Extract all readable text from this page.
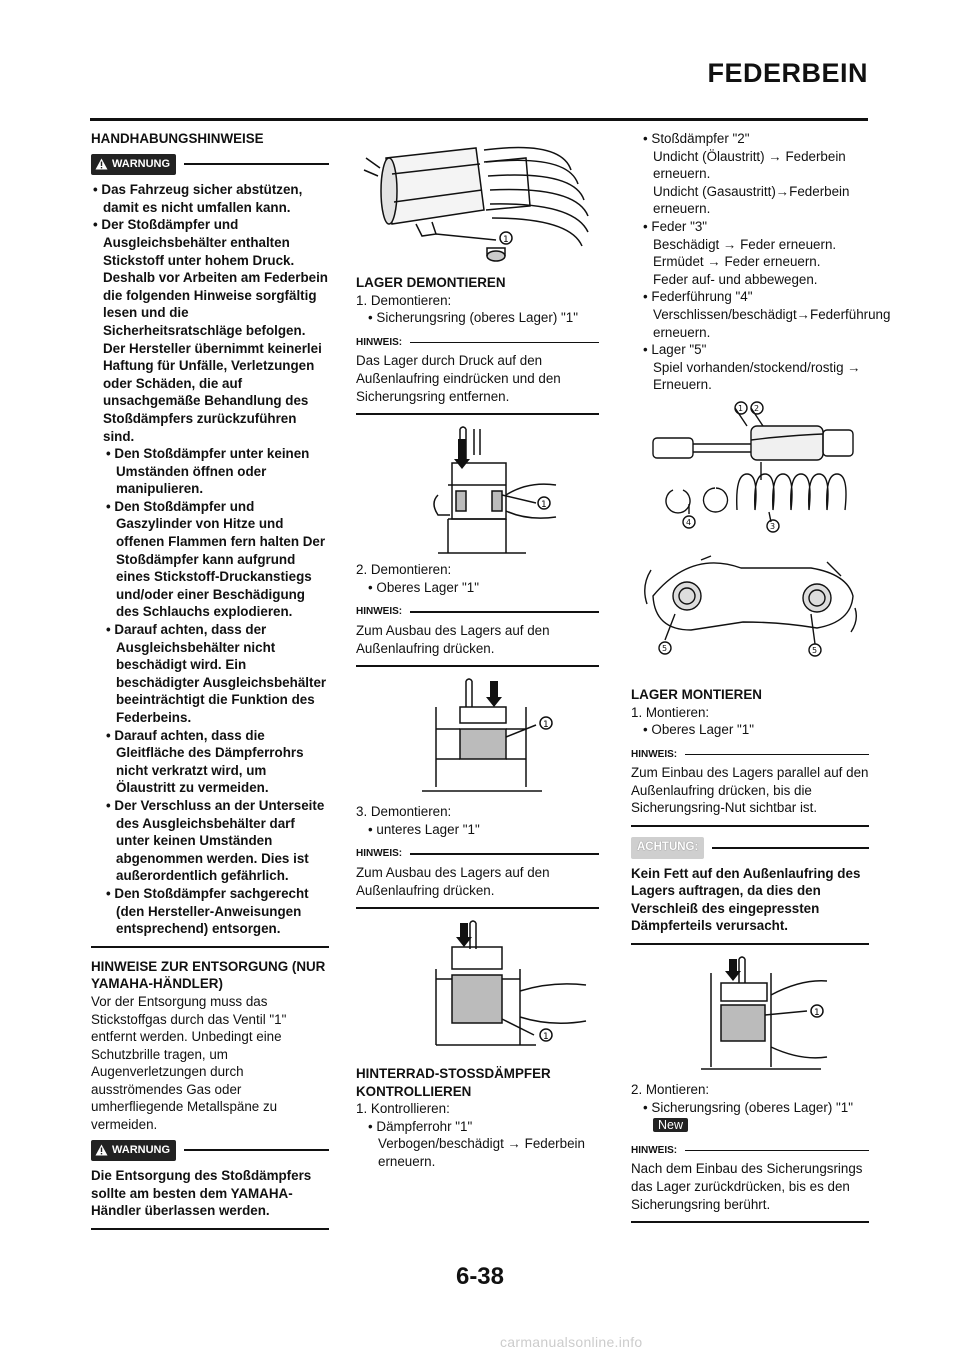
FEDERBEIN
HANDHABUNGSHINWEISE
WARNUNG
• Das Fahrzeug sicher abstützen, damit es nicht umfallen kann.
• Der Stoßdämpfer und Ausgleichsbehälter enthalten Stickstoff unter hohem Druck. Deshalb vor Arbeiten am Federbein die folgenden Hinweise sorgfältig lesen und die Sicherheitsratschläge befolgen. Der Hersteller übernimmt keinerlei Haftung für Unfälle, Verletzungen oder Schäden, die auf unsachgemäße Behandlung des Stoßdämpfers zurückzuführen sind.
• Den Stoßdämpfer unter keinen Umständen öffnen oder manipulieren.
• Den Stoßdämpfer und Gaszylinder von Hitze und offenen Flammen fern halten Der Stoßdämpfer kann aufgrund eines Stickstoff-Druckanstiegs und/oder einer Beschädigung des Schlauchs explodieren.
• Darauf achten, dass der Ausgleichsbehälter nicht beschädigt wird. Ein beschädigter Ausgleichsbehälter beeinträchtigt die Funktion des Federbeins.
• Darauf achten, dass die Gleitfläche des Dämpferrohrs nicht verkratzt wird, um Ölaustritt zu vermeiden.
• Der Verschluss an der Unterseite des Ausgleichsbehälter darf unter keinen Umständen abgenommen werden. Dies ist außerordentlich gefährlich.
• Den Stoßdämpfer sachgerecht (den Hersteller-Anweisungen entsprechend) entsorgen.
HINWEISE ZUR ENTSORGUNG (NUR YAMAHA-HÄNDLER)
Vor der Entsorgung muss das Stickstoffgas durch das Ventil "1" entfernt werden. Unbedingt eine Schutzbrille tragen, um Augenverletzungen durch ausströmendes Gas oder umherfliegende Metallspäne zu vermeiden.
WARNUNG
Die Entsorgung des Stoßdämpfers sollte am besten dem YAMAHA-Händler überlassen werden.
1
LAGER DEMONTIEREN
1. Demontieren:
• Sicherungsring (oberes Lager) "1"
HINWEIS:
Das Lager durch Druck auf den Außenlaufring eindrücken und den Sicherungsring entfernen.
1
2. Demontieren:
• Oberes Lager "1"
HINWEIS:
Zum Ausbau des Lagers auf den Außenlaufring drücken.
1
3. Demontieren:
• unteres Lager "1"
HINWEIS:
Zum Ausbau des Lagers auf den Außenlaufring drücken.
1
HINTERRAD-STOSSDÄMPFER KONTROLLIEREN
1. Kontrollieren:
• Dämpferrohr "1"
Verbogen/beschädigt → Federbein erneuern.
• Stoßdämpfer "2"
Undicht (Ölaustritt) → Federbein erneuern.
Undicht (Gasaustritt)→Federbein erneuern.
• Feder "3"
Beschädigt → Feder erneuern.
Ermüdet → Feder erneuern.
Feder auf- und abbewegen.
• Federführung "4"
Verschlissen/beschädigt→Federführung erneuern.
• Lager "5"
Spiel vorhanden/stockend/rostig → Erneuern.
1 2
3
4
5	5
LAGER MONTIEREN
1. Montieren:
• Oberes Lager "1"
HINWEIS:
Zum Einbau des Lagers parallel auf den Außenlaufring drücken, bis die Sicherungsring-Nut sichtbar ist.
ACHTUNG:
Kein Fett auf den Außenlaufring des Lagers auftragen, da dies den Verschleiß des eingepressten Dämpferteils verursacht.
1
2. Montieren:
• Sicherungsring (oberes Lager) "1"
New
HINWEIS:
Nach dem Einbau des Sicherungsrings das Lager zurückdrücken, bis es den Sicherungsring berührt.
6-38
carmanualsonline.info
